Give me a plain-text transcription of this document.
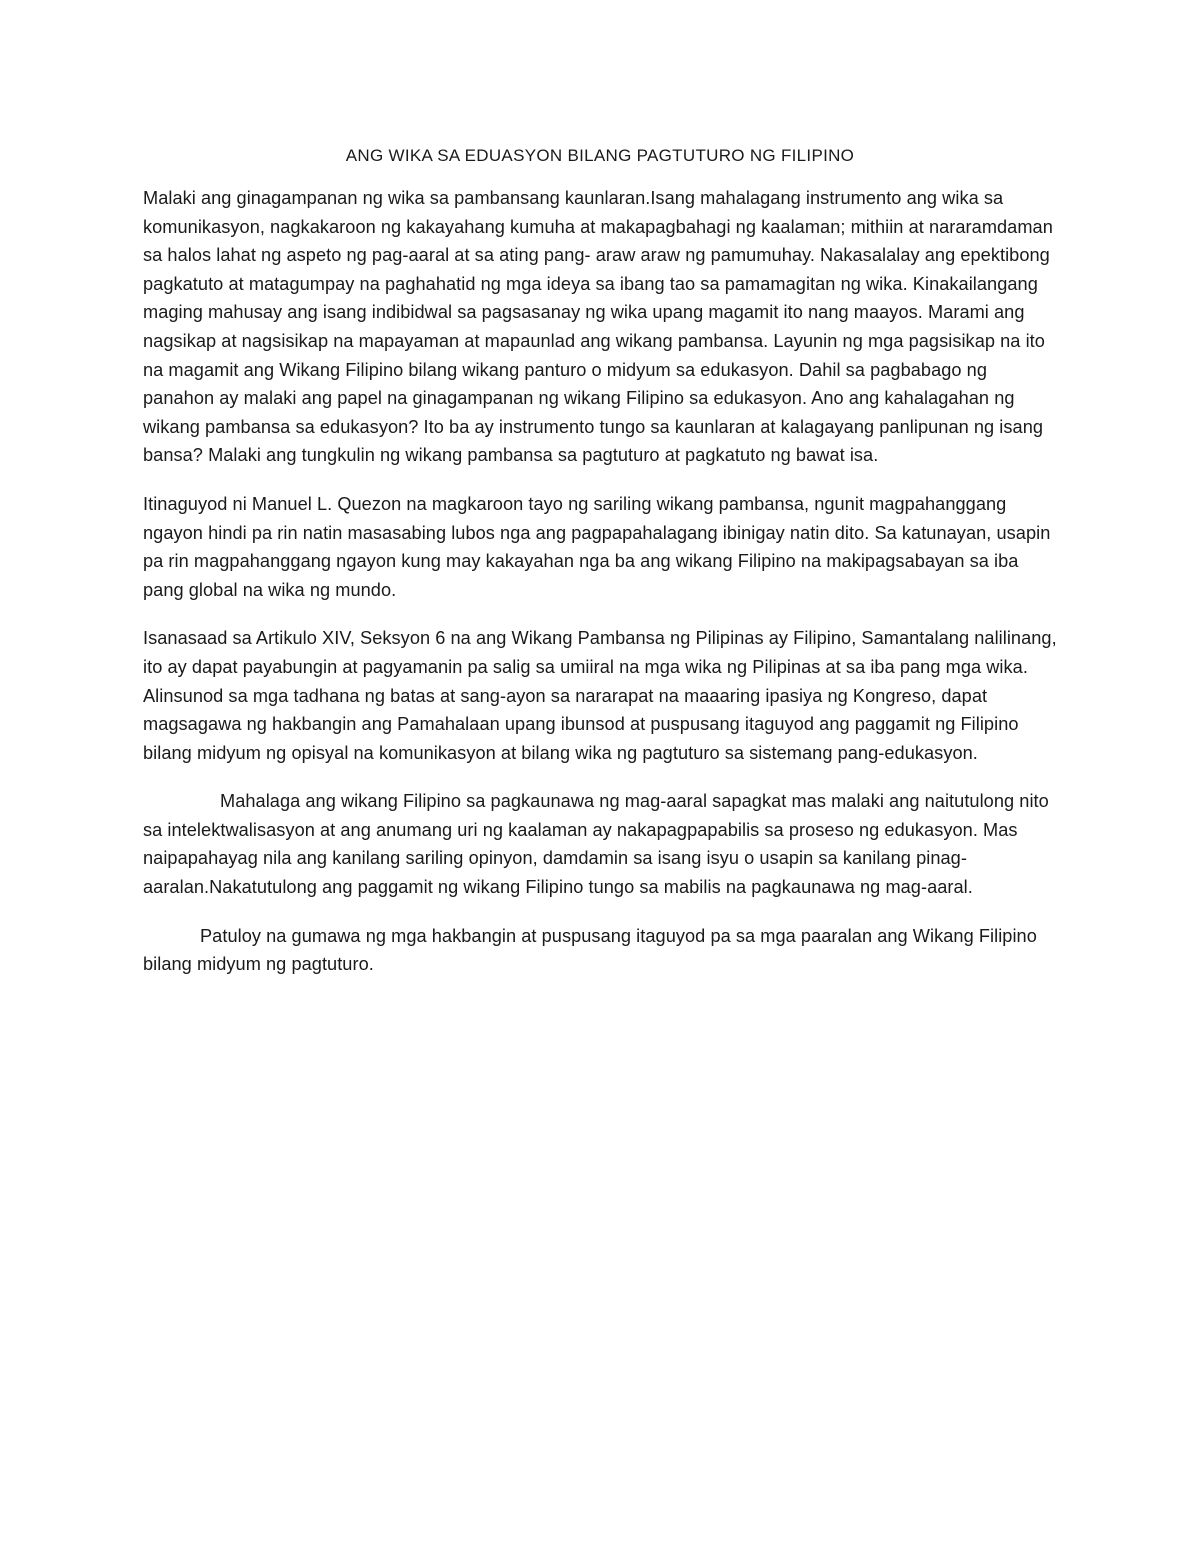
ANG WIKA SA EDUASYON BILANG PAGTUTURO NG FILIPINO

Malaki ang ginagampanan ng wika sa pambansang kaunlaran.Isang mahalagang instrumento ang wika sa komunikasyon, nagkakaroon ng kakayahang kumuha at makapagbahagi ng kaalaman; mithiin at nararamdaman sa halos lahat ng aspeto ng pag-aaral at sa ating pang- araw araw ng pamumuhay. Nakasalalay ang epektibong pagkatuto at matagumpay na paghahatid ng mga ideya sa ibang tao sa pamamagitan ng wika. Kinakailangang maging mahusay ang isang indibidwal sa pagsasanay ng wika upang magamit ito nang maayos. Marami ang nagsikap at nagsisikap na mapayaman at mapaunlad ang wikang pambansa. Layunin ng mga pagsisikap na ito na magamit ang Wikang Filipino bilang wikang panturo o midyum sa edukasyon. Dahil sa pagbabago ng panahon ay malaki ang papel na ginagampanan ng wikang Filipino sa edukasyon. Ano ang kahalagahan ng wikang pambansa sa edukasyon? Ito ba ay instrumento tungo sa kaunlaran at kalagayang panlipunan ng isang bansa? Malaki ang tungkulin ng wikang pambansa sa pagtuturo at pagkatuto ng bawat isa.

Itinaguyod ni Manuel L. Quezon na magkaroon tayo ng sariling wikang pambansa, ngunit magpahanggang ngayon hindi pa rin natin masasabing lubos nga ang pagpapahalagang ibinigay natin dito. Sa katunayan, usapin pa rin magpahanggang ngayon kung may kakayahan nga ba ang wikang Filipino na makipagsabayan sa iba pang global na wika ng mundo.

Isanasaad sa Artikulo XIV, Seksyon 6 na ang Wikang Pambansa ng Pilipinas ay Filipino, Samantalang nalilinang, ito ay dapat payabungin at pagyamanin pa salig sa umiiral na mga wika ng Pilipinas at sa iba pang mga wika. Alinsunod sa mga tadhana ng batas at sang-ayon sa nararapat na maaaring ipasiya ng Kongreso, dapat magsagawa ng hakbangin ang Pamahalaan upang ibunsod at puspusang itaguyod ang paggamit ng Filipino bilang midyum ng opisyal na komunikasyon at bilang wika ng pagtuturo sa sistemang pang-edukasyon.

Mahalaga ang wikang Filipino sa pagkaunawa ng mag-aaral sapagkat mas malaki ang naitutulong nito sa intelektwalisasyon at ang anumang uri ng kaalaman ay nakapagpapabilis sa proseso ng edukasyon. Mas naipapahayag nila ang kanilang sariling opinyon, damdamin sa isang isyu o usapin sa kanilang pinag-aaralan.Nakatutulong ang paggamit ng wikang Filipino tungo sa mabilis na pagkaunawa ng mag-aaral.

Patuloy na gumawa ng mga hakbangin at puspusang itaguyod pa sa mga paaralan ang Wikang Filipino bilang midyum ng pagtuturo.
